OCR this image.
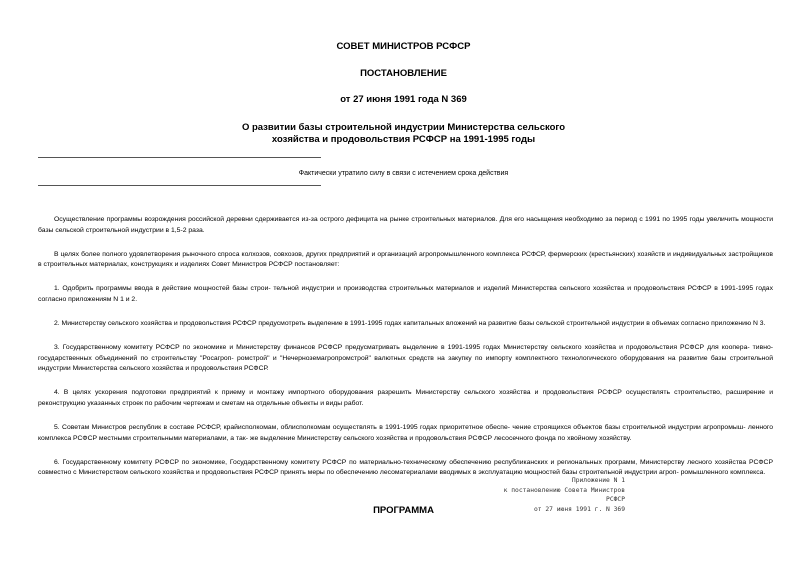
СОВЕТ МИНИСТРОВ РСФСР
ПОСТАНОВЛЕНИЕ
от 27 июня 1991 года N 369
О развитии базы строительной индустрии Министерства сельского
хозяйства и продовольствия РСФСР на 1991-1995 годы
Фактически утратило силу в связи с истечением срока действия

Осуществление программы возрождения российской деревни сдерживается из-за острого дефицита на рынке строительных материалов. Для его насыщения необходимо за период с 1991 по 1995 годы увеличить мощности базы сельской строительной индустрии в 1,5-2 раза.

В целях более полного удовлетворения рыночного спроса колхозов, совхозов, других предприятий и организаций агропромышленного комплекса РСФСР, фермерских (крестьянских) хозяйств и индивидуальных застройщиков в строительных материалах, конструкциях и изделиях Совет Министров РСФСР постановляет:

1. Одобрить программы ввода в действие мощностей базы строи- тельной индустрии и производства строительных материалов и изделий Министерства сельского хозяйства и продовольствия РСФСР в 1991-1995 годах согласно приложениям N 1 и 2.

2. Министерству сельского хозяйства и продовольствия РСФСР предусмотреть выделение в 1991-1995 годах капитальных вложений на развитие базы сельской строительной индустрии в объемах согласно приложению N 3.

3. Государственному комитету РСФСР по экономике и Министерству финансов РСФСР предусматривать выделение в 1991-1995 годах Министерству сельского хозяйства и продовольствия РСФСР для коопера- тивно-государственных объединений по строительству "Росагроп- ромстрой" и "Нечерноземагропромстрой" валютных средств на закупку по импорту комплектного технологического оборудования на развитие базы строительной индустрии Министерства сельского хозяйства и продовольствия РСФСР.

4. В целях ускорения подготовки предприятий к приему и монтажу импортного оборудования разрешить Министерству сельского хозяйства и продовольствия РСФСР осуществлять строительство, расширение и реконструкцию указанных строек по рабочим чертежам и сметам на отдельные объекты и виды работ.

5. Советам Министров республик в составе РСФСР, крайисполкомам, облисполкомам осуществлять в 1991-1995 годах приоритетное обеспе- чение строящихся объектов базы строительной индустрии агропромыш- ленного комплекса РСФСР местными строительными материалами, а так- же выделение Министерству сельского хозяйства и продовольствия РСФСР лесосечного фонда по хвойному хозяйству.

6. Государственному комитету РСФСР по экономике, Государственному комитету РСФСР по материально-техническому обеспечению республиканских и региональных программ, Министерству лесного хозяйства РСФСР совместно с Министерством сельского хозяйства и продовольствия РСФСР принять меры по обеспечению лесоматериалами вводимых в эксплуатацию мощностей базы строительной индустрии агроп- ромышленного комплекса.

Приложение N 1
к постановлению Совета Министров
РСФСР
от 27 июня 1991 г. N 369
ПРОГРАММА
